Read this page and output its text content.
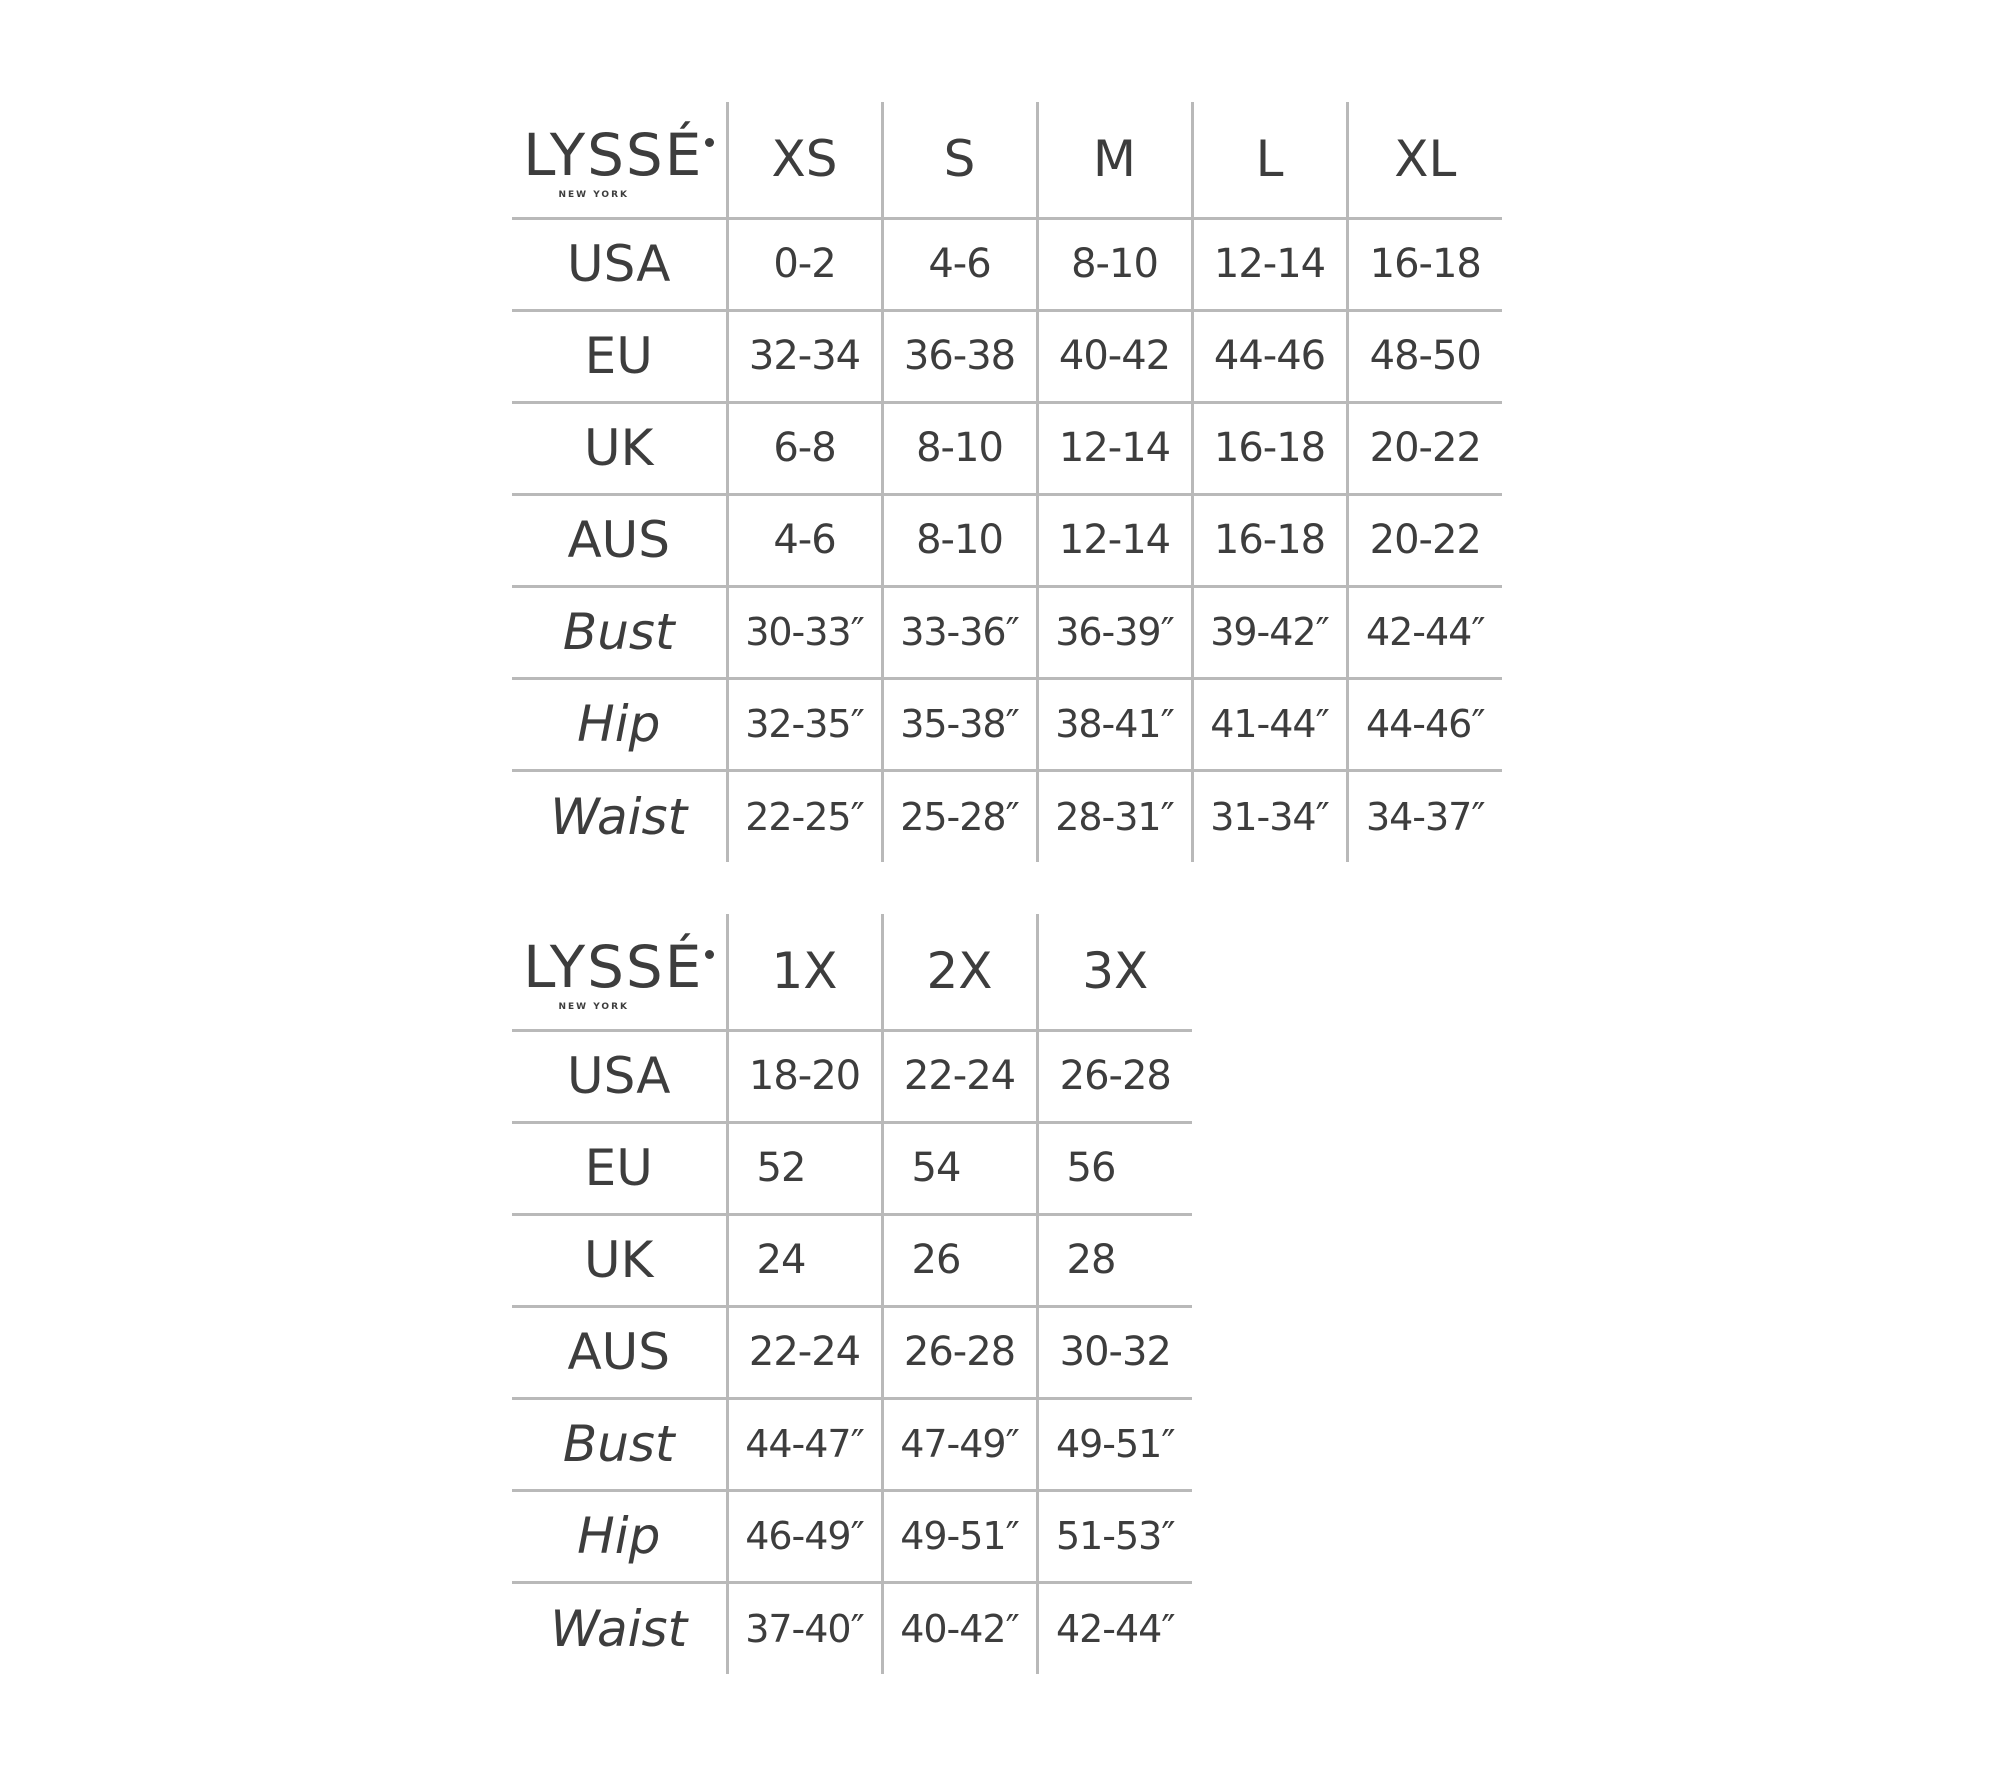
LYSSÉ
NEW YORK	XS	S	M	L	XL
USA	0-2	4-6	8-10	12-14	16-18
EU	32-34	36-38	40-42	44-46	48-50
UK	6-8	8-10	12-14	16-18	20-22
AUS	4-6	8-10	12-14	16-18	20-22
Bust	30-33″	33-36″	36-39″	39-42″	42-44″
Hip	32-35″	35-38″	38-41″	41-44″	44-46″
Waist	22-25″	25-28″	28-31″	31-34″	34-37″
LYSSÉ
NEW YORK	1X	2X	3X
USA	18-20	22-24	26-28
EU	52	54	56
UK	24	26	28
AUS	22-24	26-28	30-32
Bust	44-47″	47-49″	49-51″
Hip	46-49″	49-51″	51-53″
Waist	37-40″	40-42″	42-44″
